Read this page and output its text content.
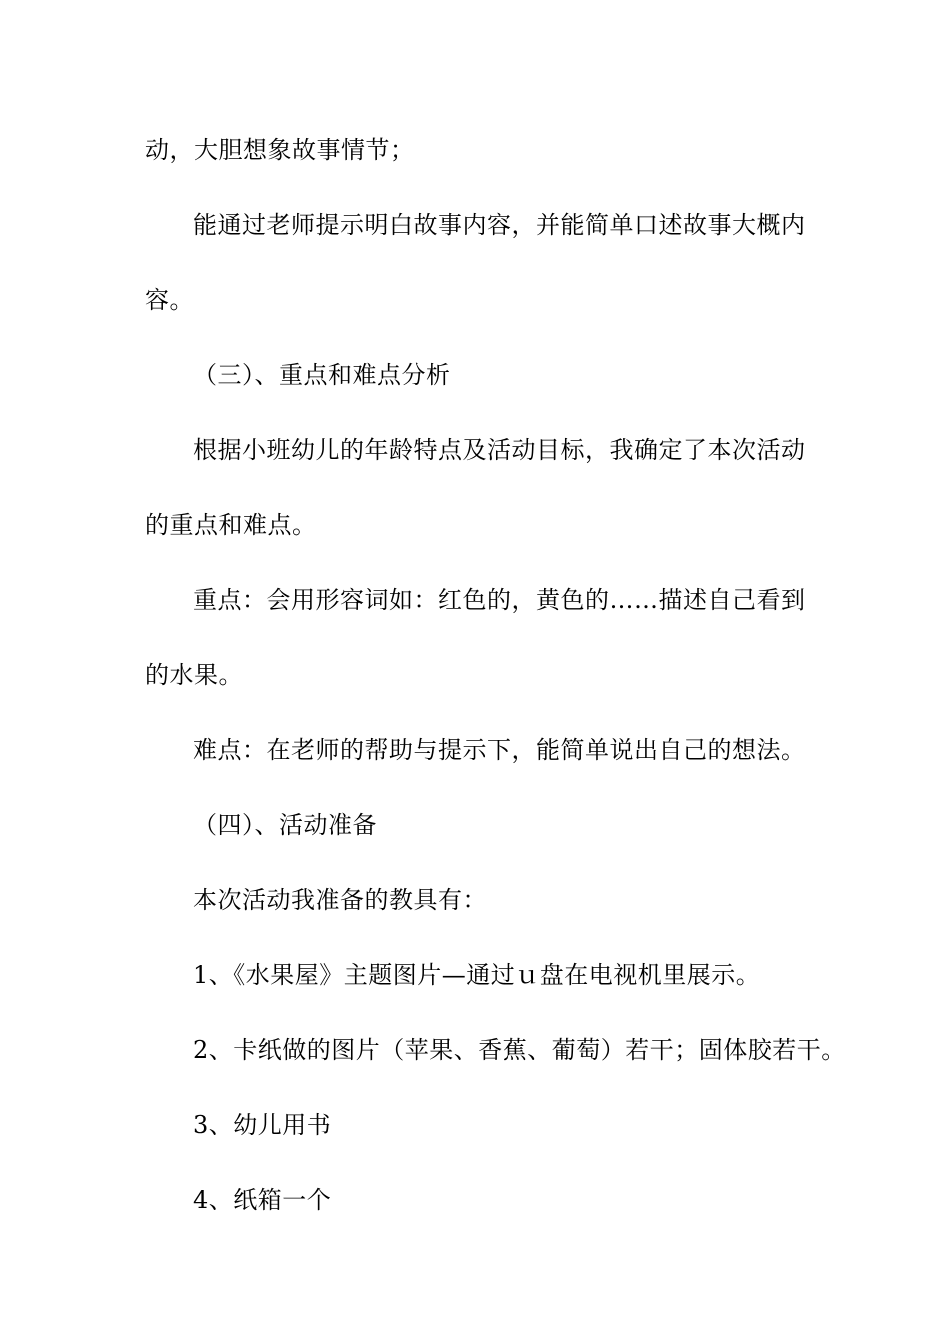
动，大胆想象故事情节；
能通过老师提示明白故事内容，并能简单口述故事大概内
容。
（三）、重点和难点分析
根据小班幼儿的年龄特点及活动目标，我确定了本次活动
的重点和难点。
重点：会用形容词如：红色的，黄色的……描述自己看到
的水果。
难点：在老师的帮助与提示下，能简单说出自己的想法。
（四）、活动准备
本次活动我准备的教具有：
1、《水果屋》主题图片—通过ｕ盘在电视机里展示。
2、卡纸做的图片（苹果、香蕉、葡萄）若干；固体胶若干。
3、幼儿用书
4、纸箱一个
